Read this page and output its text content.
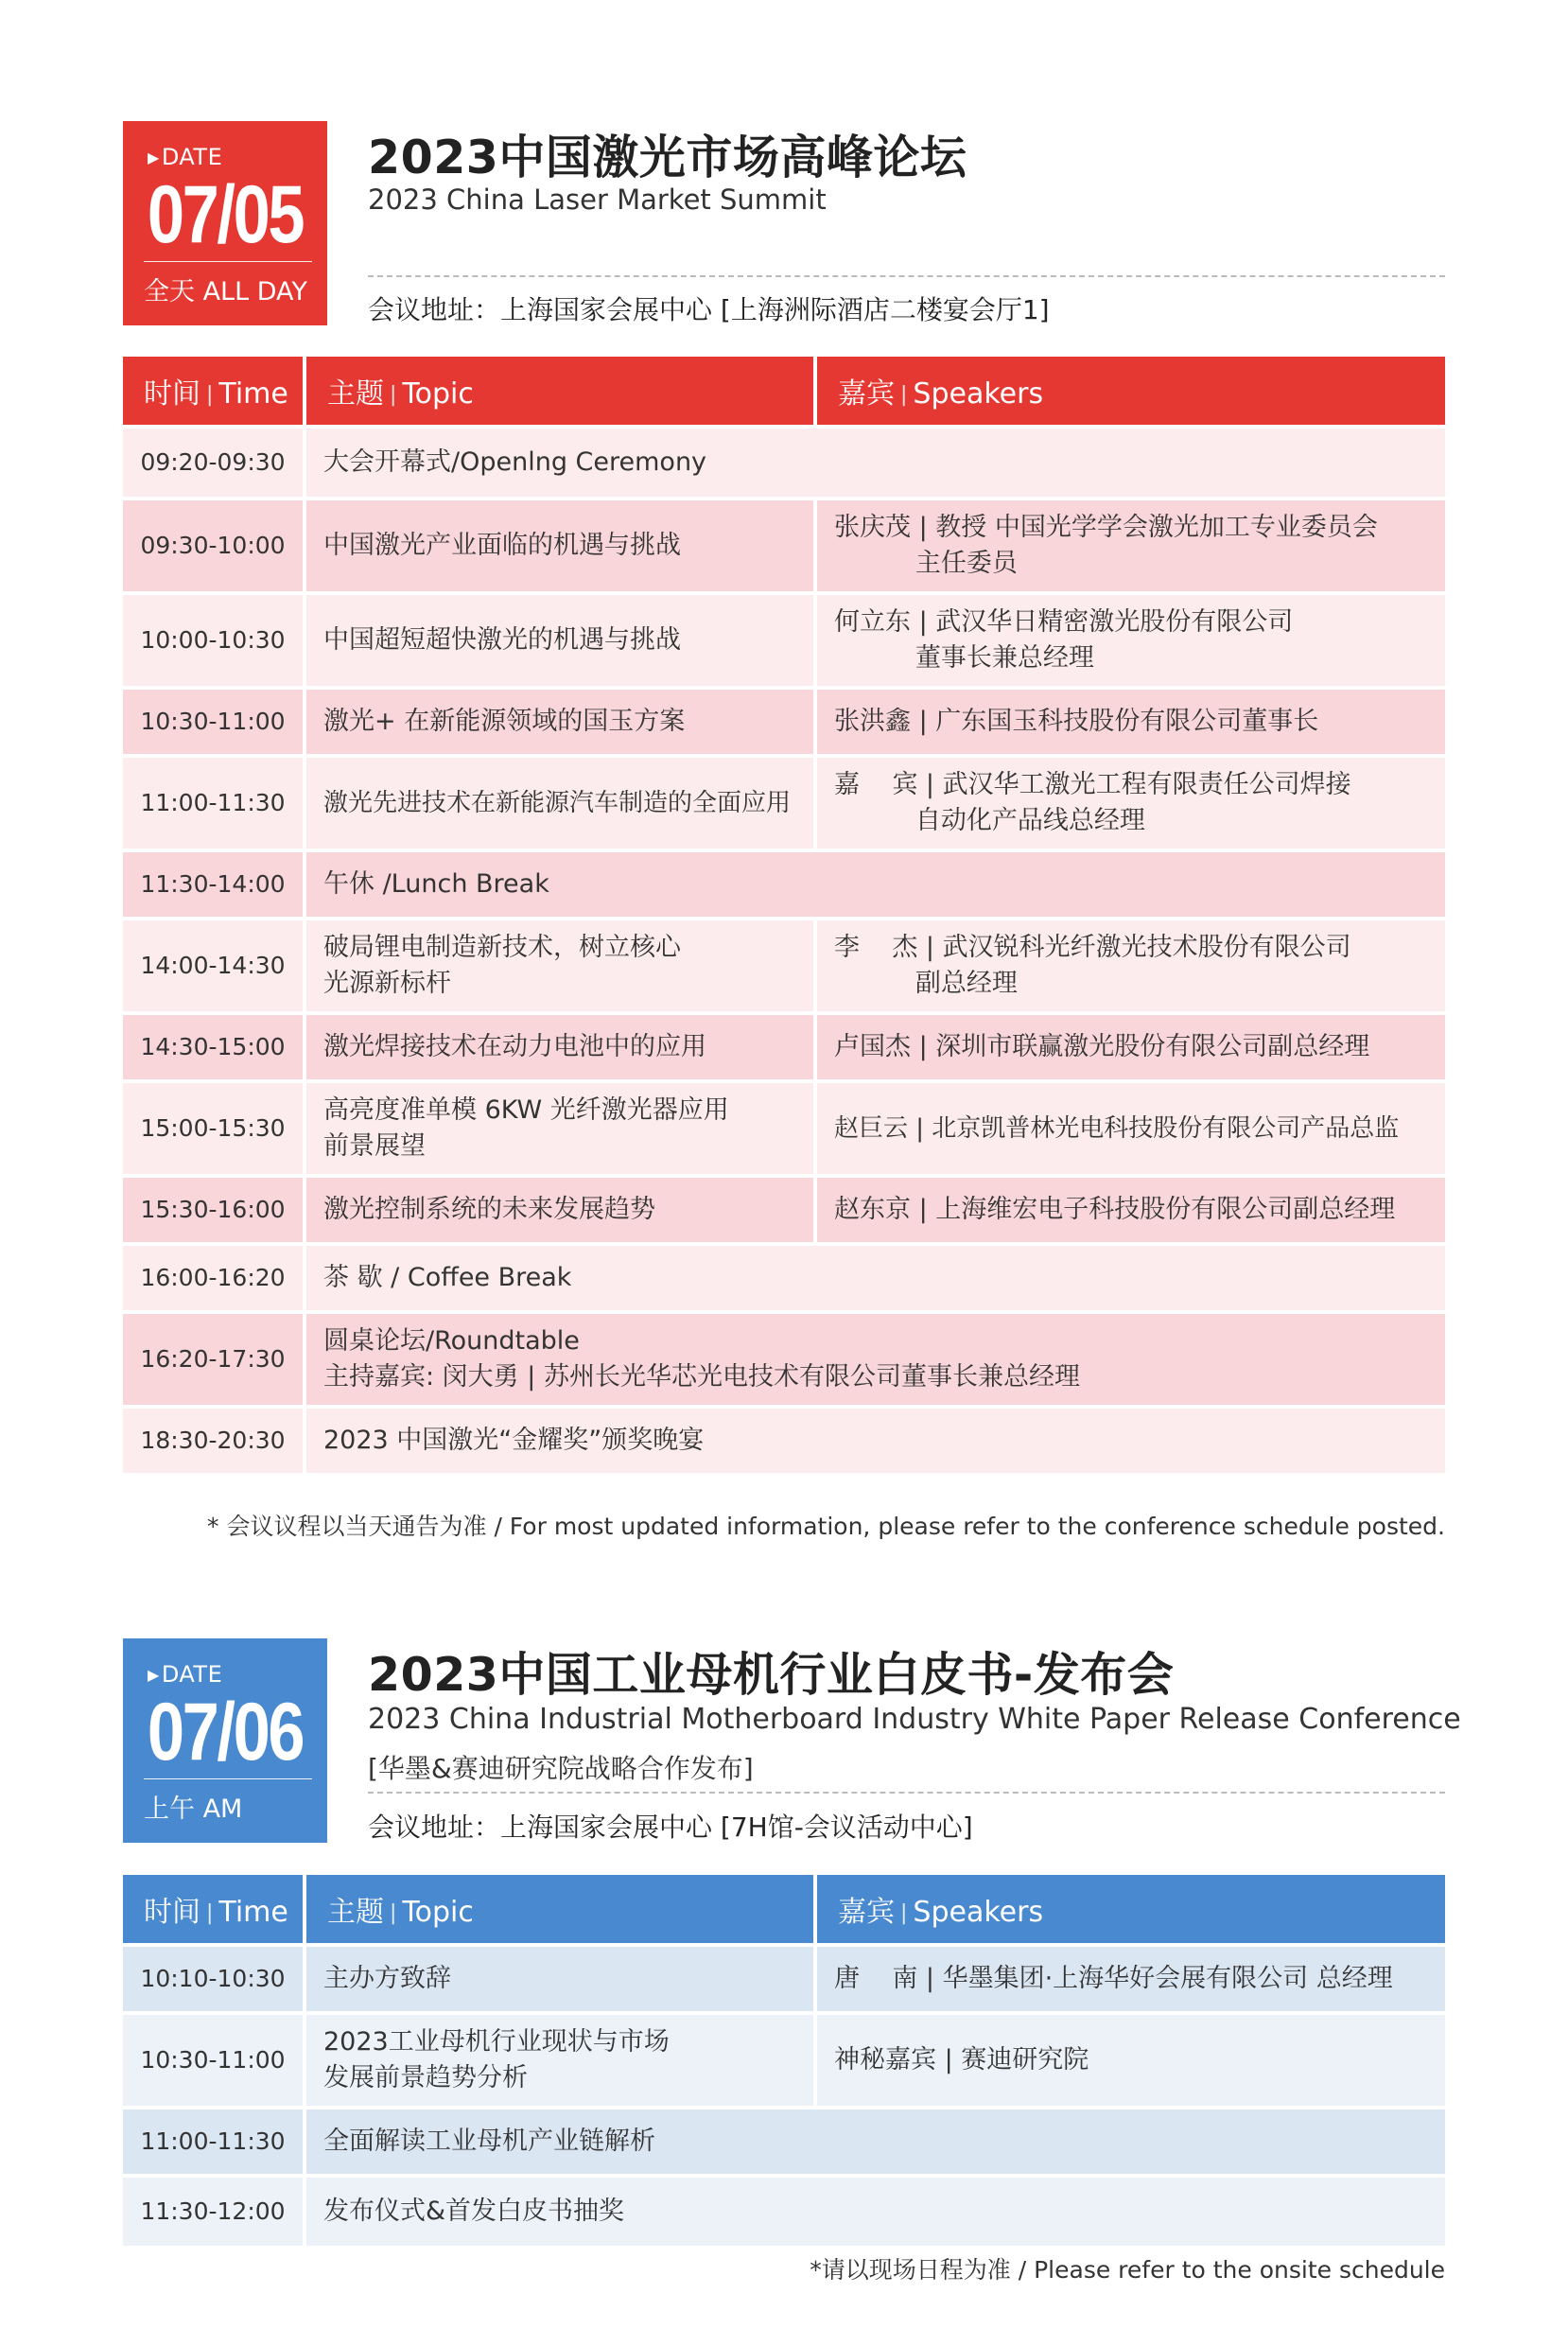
▶DATE
07/05
全天 ALL DAY
2023中国激光市场高峰论坛
2023 China Laser Market Summit
会议地址：上海国家会展中心 [上海洲际酒店二楼宴会厅1]
时间 | Time	主题 | Topic	嘉宾 | Speakers
09:20-09:30	大会开幕式/Openlng Ceremony	
09:30-10:00	中国激光产业面临的机遇与挑战	张庆茂 | 教授 中国光学学会激光加工专业委员会
主任委员
10:00-10:30	中国超短超快激光的机遇与挑战	何立东 | 武汉华日精密激光股份有限公司
董事长兼总经理
10:30-11:00	激光+ 在新能源领域的国玉方案	张洪鑫 | 广东国玉科技股份有限公司董事长
11:00-11:30	激光先进技术在新能源汽车制造的全面应用	嘉    宾 | 武汉华工激光工程有限责任公司焊接
自动化产品线总经理
11:30-14:00	午休 /Lunch Break	
14:00-14:30	破局锂电制造新技术，树立核心
光源新标杆	李    杰 | 武汉锐科光纤激光技术股份有限公司
副总经理
14:30-15:00	激光焊接技术在动力电池中的应用	卢国杰 | 深圳市联赢激光股份有限公司副总经理
15:00-15:30	高亮度准单模 6KW 光纤激光器应用
前景展望	赵巨云 | 北京凯普林光电科技股份有限公司产品总监
15:30-16:00	激光控制系统的未来发展趋势	赵东京 | 上海维宏电子科技股份有限公司副总经理
16:00-16:20	茶 歇 / Coffee Break	
16:20-17:30	圆桌论坛/Roundtable
主持嘉宾: 闵大勇 | 苏州长光华芯光电技术有限公司董事长兼总经理	
18:30-20:30	2023 中国激光“金耀奖”颁奖晚宴	
* 会议议程以当天通告为准 / For most updated information, please refer to the conference schedule posted.
▶DATE
07/06
上午 AM
2023中国工业母机行业白皮书-发布会
2023 China Industrial Motherboard Industry White Paper Release Conference
[华墨&赛迪研究院战略合作发布]
会议地址：上海国家会展中心 [7H馆-会议活动中心]
时间 | Time	主题 | Topic	嘉宾 | Speakers
10:10-10:30	主办方致辞	唐    南 | 华墨集团·上海华好会展有限公司 总经理
10:30-11:00	2023工业母机行业现状与市场
发展前景趋势分析	神秘嘉宾 | 赛迪研究院
11:00-11:30	全面解读工业母机产业链解析	
11:30-12:00	发布仪式&首发白皮书抽奖	
*请以现场日程为准 / Please refer to the onsite schedule
